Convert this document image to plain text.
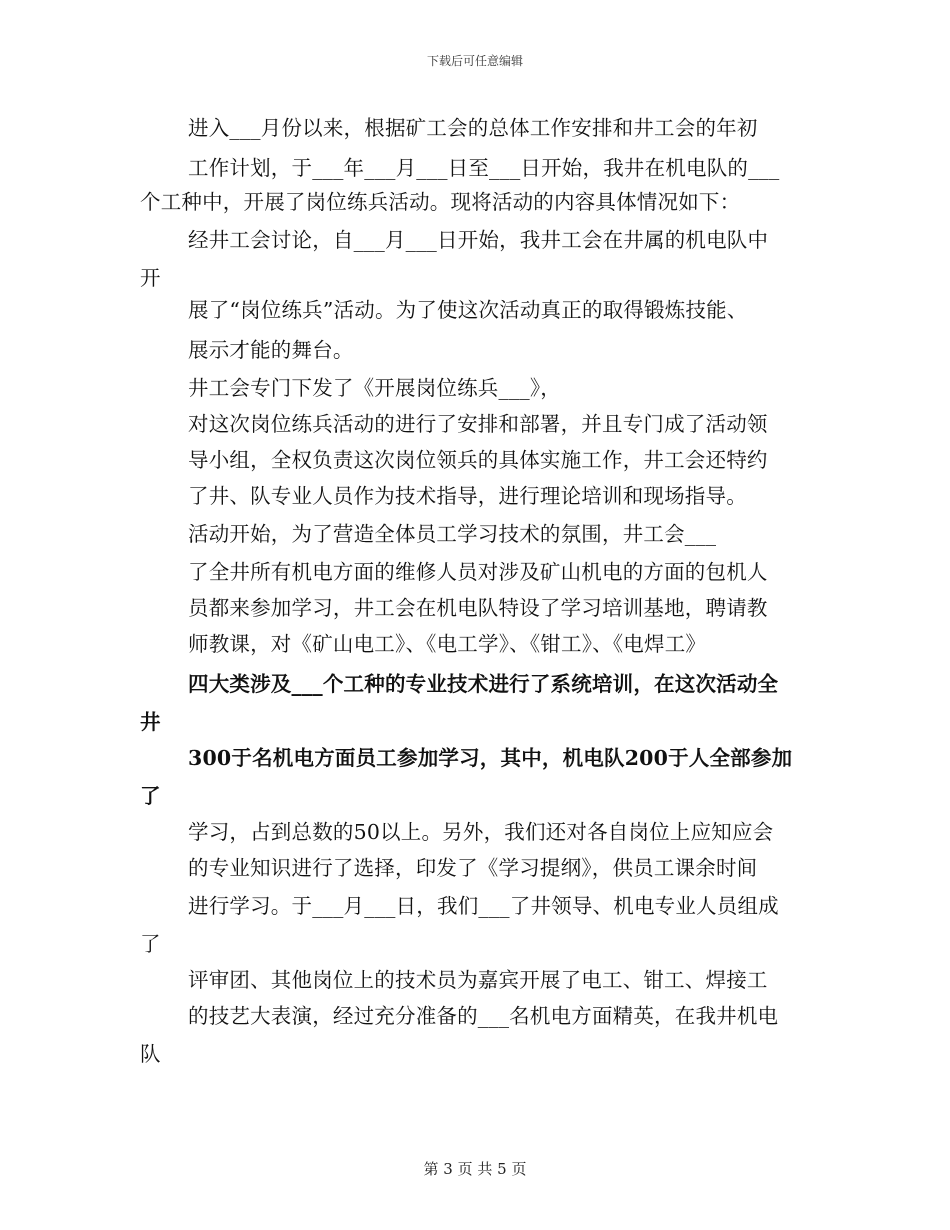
下载后可任意编辑
进入___月份以来，根据矿工会的总体工作安排和井工会的年初
工作计划，于___年___月___日至___日开始，我井在机电队的___
个工种中，开展了岗位练兵活动。现将活动的内容具体情况如下：
经井工会讨论，自___月___日开始，我井工会在井属的机电队中
开
展了“岗位练兵”活动。为了使这次活动真正的取得锻炼技能、
展示才能的舞台。
井工会专门下发了《开展岗位练兵___》，
对这次岗位练兵活动的进行了安排和部署，并且专门成了活动领
导小组，全权负责这次岗位领兵的具体实施工作，井工会还特约
了井、队专业人员作为技术指导，进行理论培训和现场指导。
活动开始，为了营造全体员工学习技术的氛围，井工会___
了全井所有机电方面的维修人员对涉及矿山机电的方面的包机人
员都来参加学习，井工会在机电队特设了学习培训基地，聘请教
师教课，对《矿山电工》、《电工学》、《钳工》、《电焊工》
四大类涉及___个工种的专业技术进行了系统培训，在这次活动全
井
300于名机电方面员工参加学习，其中，机电队200于人全部参加
了
学习，占到总数的50以上。另外，我们还对各自岗位上应知应会
的专业知识进行了选择，印发了《学习提纲》，供员工课余时间
进行学习。于___月___日，我们___了井领导、机电专业人员组成
了
评审团、其他岗位上的技术员为嘉宾开展了电工、钳工、焊接工
的技艺大表演，经过充分准备的___名机电方面精英，在我井机电
队
第 3 页 共 5 页
